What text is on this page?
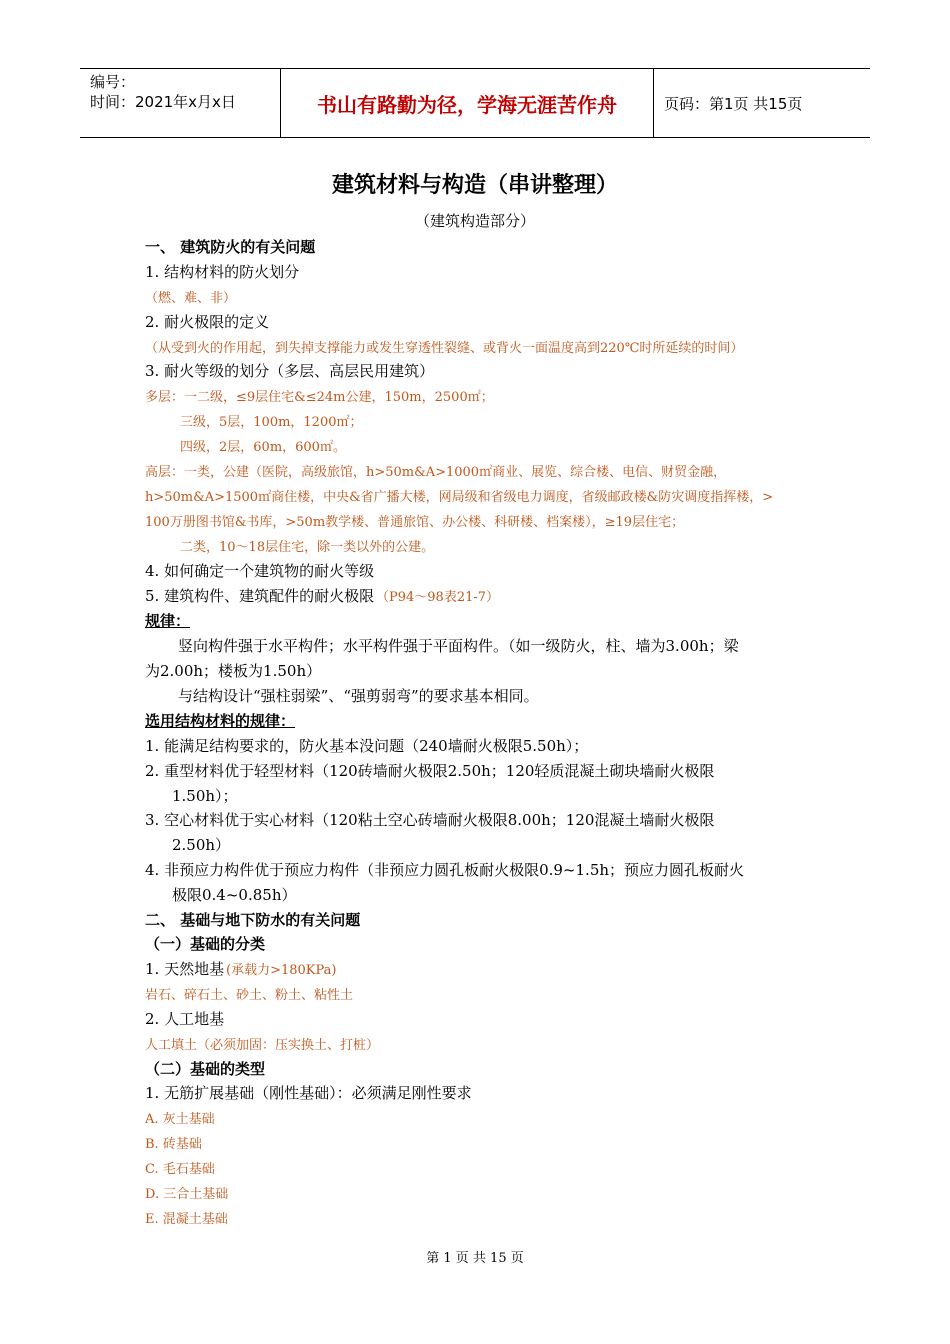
编号：
时间：2021年x月x日	书山有路勤为径，学海无涯苦作舟	页码：第1页 共15页
建筑材料与构造（串讲整理）
（建筑构造部分）
一、 建筑防火的有关问题
1. 结构材料的防火划分
（燃、难、非）
2. 耐火极限的定义
（从受到火的作用起，到失掉支撑能力或发生穿透性裂缝、或背火一面温度高到220℃时所延续的时间）
3. 耐火等级的划分（多层、高层民用建筑）
多层：一二级，≤9层住宅&≤24m公建，150m，2500㎡；
三级，5层，100m，1200㎡；
四级，2层，60m，600㎡。
高层：一类，公建（医院，高级旅馆，h>50m&A>1000㎡商业、展览、综合楼、电信、财贸金融，
h>50m&A>1500㎡商住楼，中央&省广播大楼，网局级和省级电力调度，省级邮政楼&防灾调度指挥楼，>
100万册图书馆&书库，>50m教学楼、普通旅馆、办公楼、科研楼、档案楼），≥19层住宅；
二类，10～18层住宅，除一类以外的公建。
4. 如何确定一个建筑物的耐火等级
5. 建筑构件、建筑配件的耐火极限 （P94～98表21-7）
规律：
竖向构件强于水平构件；水平构件强于平面构件。（如一级防火，柱、墙为3.00h；梁
为2.00h；楼板为1.50h）
与结构设计“强柱弱梁”、“强剪弱弯”的要求基本相同。
选用结构材料的规律：
1. 能满足结构要求的，防火基本没问题（240墙耐火极限5.50h）；
2. 重型材料优于轻型材料（120砖墙耐火极限2.50h；120轻质混凝土砌块墙耐火极限
1.50h）；
3. 空心材料优于实心材料（120粘土空心砖墙耐火极限8.00h；120混凝土墙耐火极限
2.50h）
4. 非预应力构件优于预应力构件（非预应力圆孔板耐火极限0.9~1.5h；预应力圆孔板耐火
极限0.4~0.85h）
二、 基础与地下防水的有关问题
（一）基础的分类
1. 天然地基 (承载力>180KPa)
岩石、碎石土、砂土、粉土、粘性土
2. 人工地基
人工填土（必须加固：压实换土、打桩）
（二）基础的类型
1. 无筋扩展基础（刚性基础）：必须满足刚性要求
A. 灰土基础
B. 砖基础
C. 毛石基础
D. 三合土基础
E. 混凝土基础
第 1 页 共 15 页
